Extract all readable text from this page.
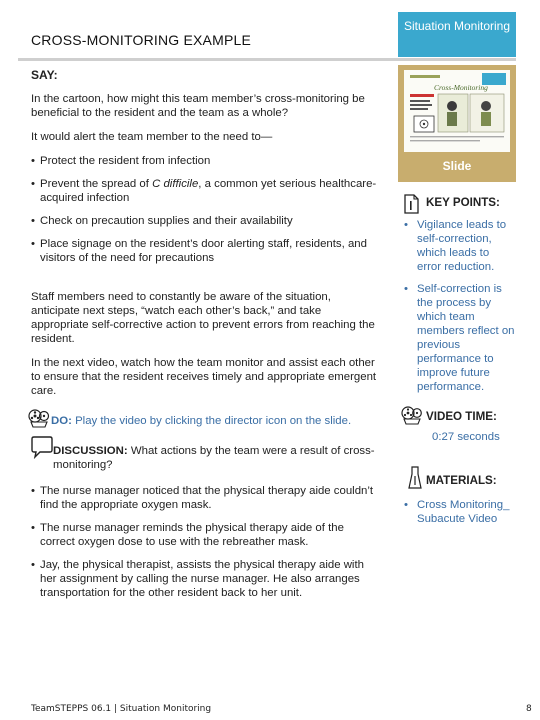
CROSS-MONITORING EXAMPLE
Situation Monitoring
SAY:
In the cartoon, how might this team member’s cross-monitoring be beneficial to the resident and the team as a whole?
It would alert the team member to the need to—
• Protect the resident from infection
• Prevent the spread of C difficile, a common yet serious healthcare-acquired infection
• Check on precaution supplies and their availability
• Place signage on the resident’s door alerting staff, residents, and visitors of the need for precautions
Staff members need to constantly be aware of the situation, anticipate next steps, “watch each other’s back,” and take appropriate self-corrective action to prevent errors from reaching the resident.
In the next video, watch how the team monitor and assist each other to ensure that the resident receives timely and appropriate emergent care.
DO: Play the video by clicking the director icon on the slide.
DISCUSSION: What actions by the team were a result of cross-monitoring?
• The nurse manager noticed that the physical therapy aide couldn’t find the appropriate oxygen mask.
• The nurse manager reminds the physical therapy aide of the correct oxygen dose to use with the rebreather mask.
• Jay, the physical therapist, assists the physical therapy aide with her assignment by calling the nurse manager. He also arranges transportation for the other resident back to her unit.
Cross-Monitoring
Slide
KEY POINTS:
• Vigilance leads to self-correction, which leads to error reduction.
• Self-correction is the process by which team members reflect on previous performance to improve future performance.
VIDEO TIME:
0:27 seconds
MATERIALS:
• Cross Monitoring_ Subacute Video
TeamSTEPPS 06.1 | Situation Monitoring	8
